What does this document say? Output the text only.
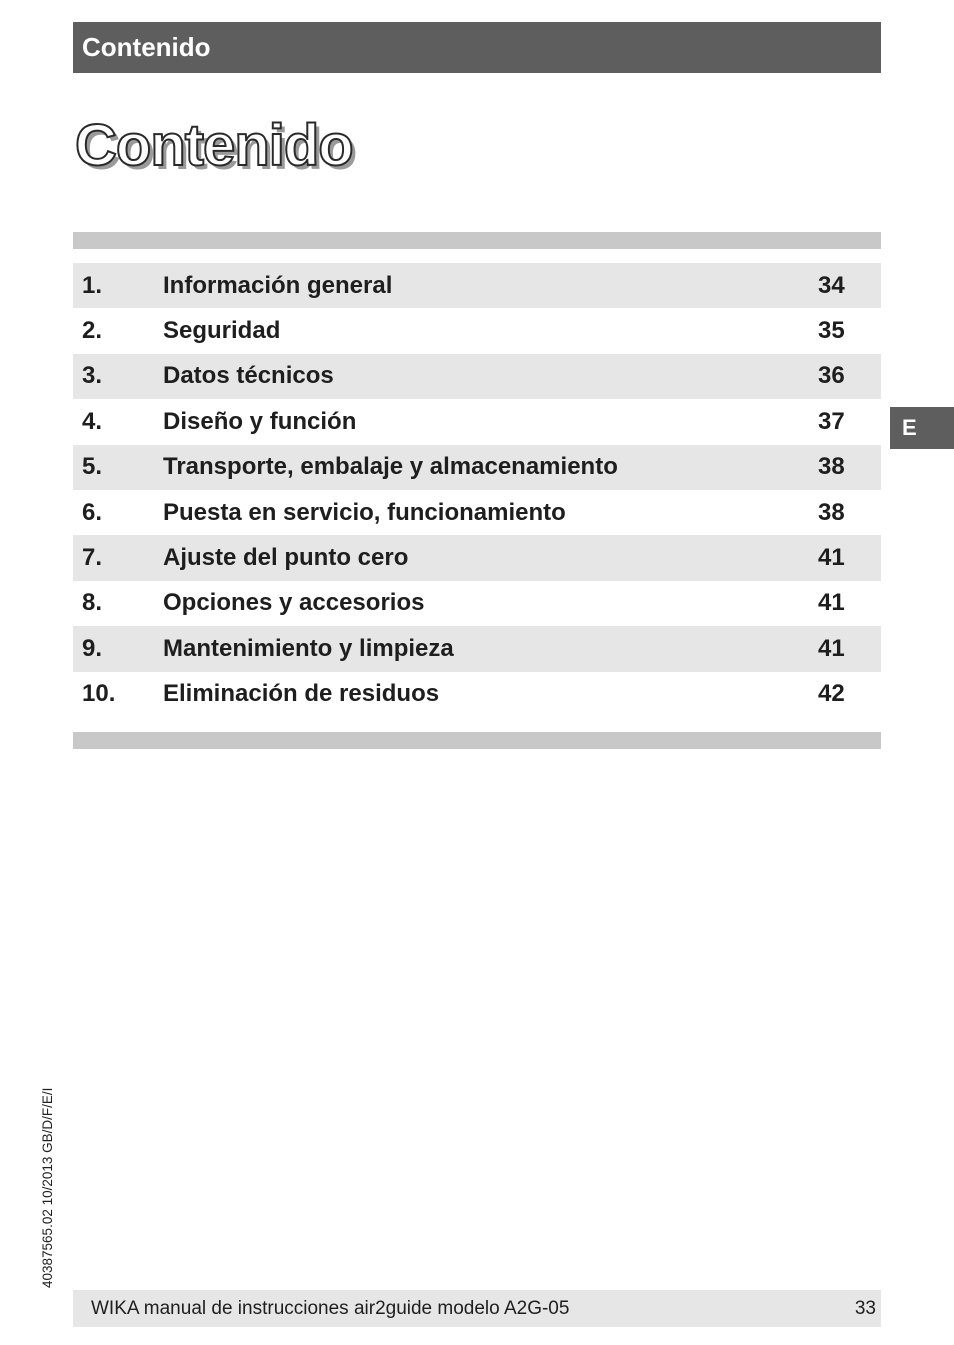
Contenido
Contenido
1.	Información general	34
2.	Seguridad	35
3.	Datos técnicos	36
4.	Diseño y función	37
5.	Transporte, embalaje y almacenamiento	38
6.	Puesta en servicio, funcionamiento	38
7.	Ajuste del punto cero	41
8.	Opciones y accesorios	41
9.	Mantenimiento y limpieza	41
10.	Eliminación de residuos	42
E
40387565.02 10/2013 GB/D/F/E/I
WIKA manual de instrucciones air2guide modelo A2G-05	33
